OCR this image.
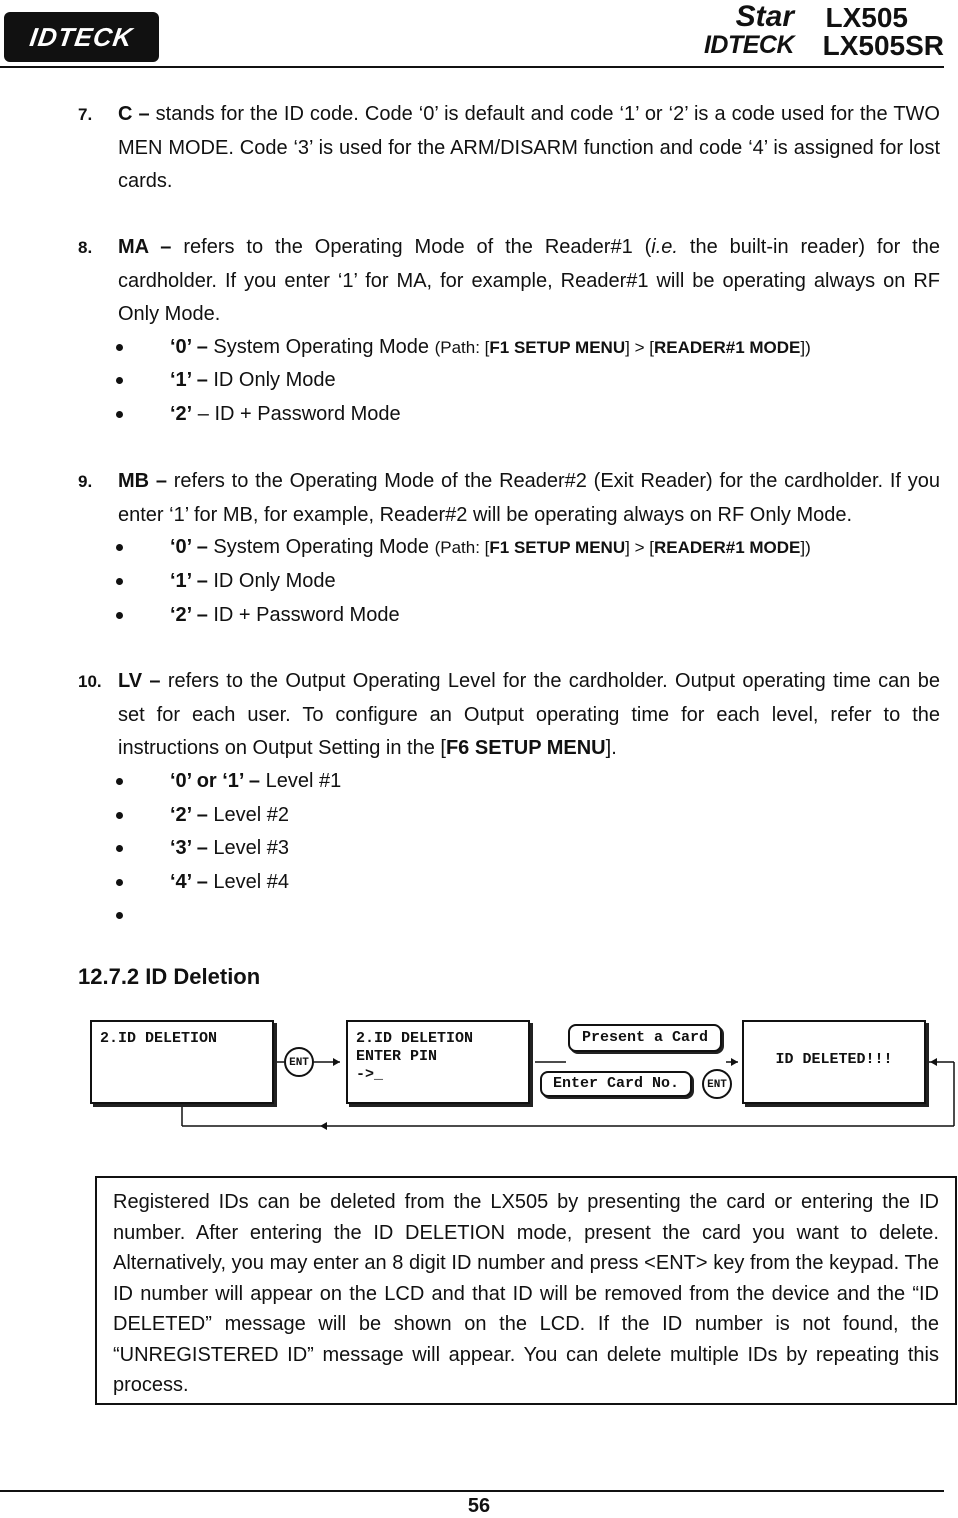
IDTECK
Star
IDTECK
LX505
LX505SR
7.	C – stands for the ID code. Code ‘0’ is default and code ‘1’ or ‘2’ is a code used for the TWO MEN MODE. Code ‘3’ is used for the ARM/DISARM function and code ‘4’ is assigned for lost cards.
8.	MA – refers to the Operating Mode of the Reader#1 (i.e. the built-in reader) for the cardholder. If you enter ‘1’ for MA, for example, Reader#1 will be operating always on RF Only Mode.
‘0’ – System Operating Mode (Path: [F1 SETUP MENU] > [READER#1 MODE])
‘1’ – ID Only Mode
‘2’ – ID + Password Mode
9.	MB – refers to the Operating Mode of the Reader#2 (Exit Reader) for the cardholder. If you enter ‘1’ for MB, for example, Reader#2 will be operating always on RF Only Mode.
‘0’ – System Operating Mode (Path: [F1 SETUP MENU] > [READER#1 MODE])
‘1’ – ID Only Mode
‘2’ – ID + Password Mode
10. LV – refers to the Output Operating Level for the cardholder. Output operating time can be set for each user. To configure an Output operating time for each level, refer to the instructions on Output Setting in the [F6 SETUP MENU].
‘0’ or ‘1’ – Level #1
‘2’ – Level #2
‘3’ – Level #3
‘4’ – Level #4
12.7.2 ID Deletion
2.ID DELETION
ENT
2.ID DELETION
ENTER PIN
->_
Present a Card
Enter Card No.	ENT
ID DELETED!!!
Registered IDs can be deleted from the LX505 by presenting the card or entering the ID number. After entering the ID DELETION mode, present the card you want to delete. Alternatively, you may enter an 8 digit ID number and press <ENT> key from the keypad. The ID number will appear on the LCD and that ID will be removed from the device and the “ID DELETED” message will be shown on the LCD. If the ID number is not found, the “UNREGISTERED ID” message will appear. You can delete multiple IDs by repeating this process.
56
